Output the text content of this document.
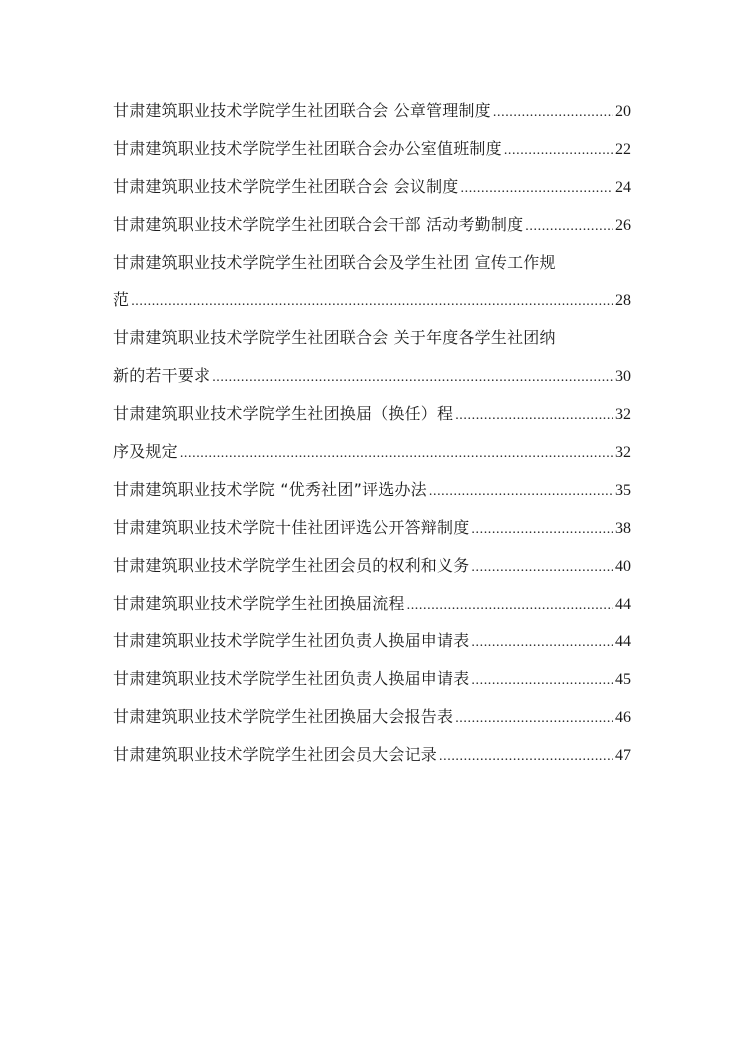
甘肃建筑职业技术学院学生社团联合会 公章管理制度 .....	20
甘肃建筑职业技术学院学生社团联合会办公室值班制度 .....	22
甘肃建筑职业技术学院学生社团联合会 会议制度 .....	24
甘肃建筑职业技术学院学生社团联合会干部 活动考勤制度 .....	26
甘肃建筑职业技术学院学生社团联合会及学生社团 宣传工作规
范 .....	28
甘肃建筑职业技术学院学生社团联合会 关于年度各学生社团纳
新的若干要求 .....	30
甘肃建筑职业技术学院学生社团换届（换任）程 .....	32
序及规定 .....	32
甘肃建筑职业技术学院 “优秀社团”评选办法 .....	35
甘肃建筑职业技术学院十佳社团评选公开答辩制度 .....	38
甘肃建筑职业技术学院学生社团会员的权利和义务 .....	40
甘肃建筑职业技术学院学生社团换届流程 .....	44
甘肃建筑职业技术学院学生社团负责人换届申请表 .....	44
甘肃建筑职业技术学院学生社团负责人换届申请表 .....	45
甘肃建筑职业技术学院学生社团换届大会报告表 .....	46
甘肃建筑职业技术学院学生社团会员大会记录 .....	47
